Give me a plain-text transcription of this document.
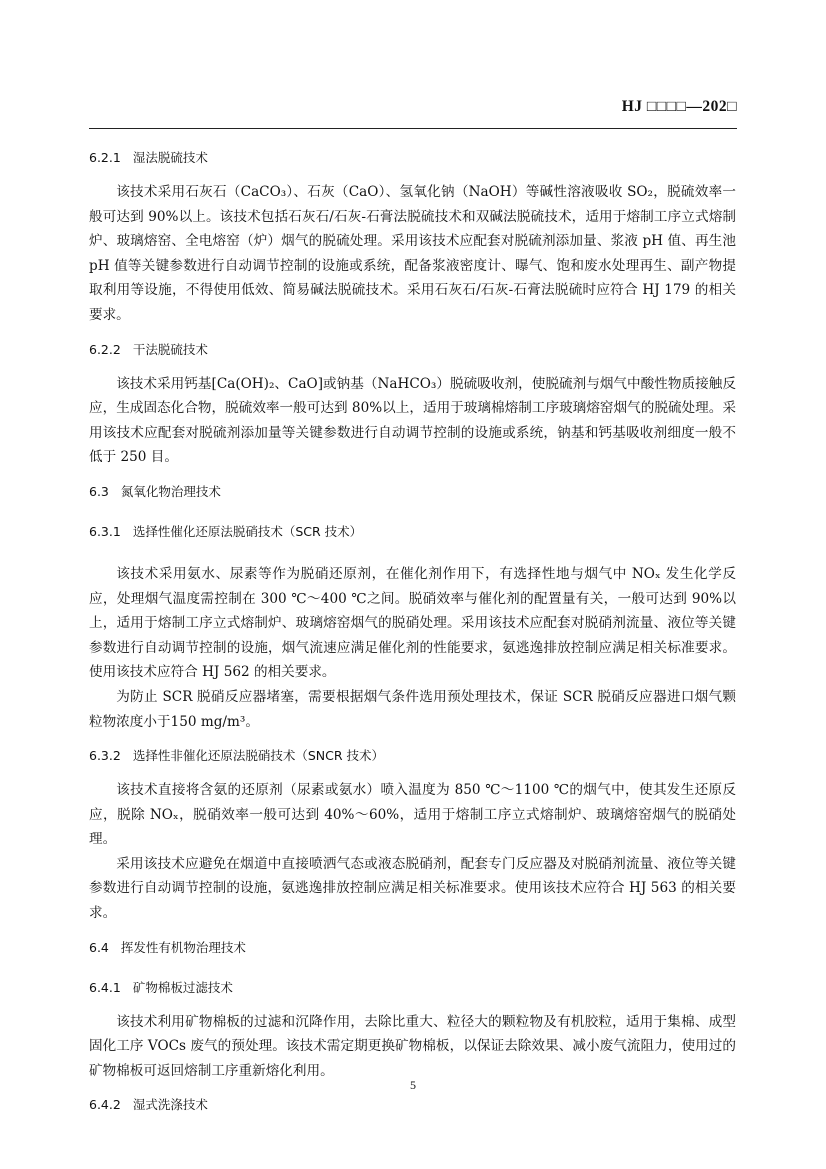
HJ □□□□—202□
6.2.1 湿法脱硫技术

该技术采用石灰石（CaCO₃）、石灰（CaO）、氢氧化钠（NaOH）等碱性溶液吸收 SO₂，脱硫效率一般可达到 90%以上。该技术包括石灰石/石灰-石膏法脱硫技术和双碱法脱硫技术，适用于熔制工序立式熔制炉、玻璃熔窑、全电熔窑（炉）烟气的脱硫处理。采用该技术应配套对脱硫剂添加量、浆液 pH 值、再生池 pH 值等关键参数进行自动调节控制的设施或系统，配备浆液密度计、曝气、饱和废水处理再生、副产物提取利用等设施，不得使用低效、简易碱法脱硫技术。采用石灰石/石灰-石膏法脱硫时应符合 HJ 179 的相关要求。

6.2.2 干法脱硫技术

该技术采用钙基[Ca(OH)₂、CaO]或钠基（NaHCO₃）脱硫吸收剂，使脱硫剂与烟气中酸性物质接触反应，生成固态化合物，脱硫效率一般可达到 80%以上，适用于玻璃棉熔制工序玻璃熔窑烟气的脱硫处理。采用该技术应配套对脱硫剂添加量等关键参数进行自动调节控制的设施或系统，钠基和钙基吸收剂细度一般不低于 250 目。

6.3 氮氧化物治理技术
6.3.1 选择性催化还原法脱硝技术（SCR 技术）

该技术采用氨水、尿素等作为脱硝还原剂，在催化剂作用下，有选择性地与烟气中 NOₓ 发生化学反应，处理烟气温度需控制在 300 ℃～400 ℃之间。脱硝效率与催化剂的配置量有关，一般可达到 90%以上，适用于熔制工序立式熔制炉、玻璃熔窑烟气的脱硝处理。采用该技术应配套对脱硝剂流量、液位等关键参数进行自动调节控制的设施，烟气流速应满足催化剂的性能要求，氨逃逸排放控制应满足相关标准要求。使用该技术应符合 HJ 562 的相关要求。

为防止 SCR 脱硝反应器堵塞，需要根据烟气条件选用预处理技术，保证 SCR 脱硝反应器进口烟气颗粒物浓度小于150 mg/m³。

6.3.2 选择性非催化还原法脱硝技术（SNCR 技术）

该技术直接将含氨的还原剂（尿素或氨水）喷入温度为 850 ℃～1100 ℃的烟气中，使其发生还原反应，脱除 NOₓ，脱硝效率一般可达到 40%～60%，适用于熔制工序立式熔制炉、玻璃熔窑烟气的脱硝处理。

采用该技术应避免在烟道中直接喷洒气态或液态脱硝剂，配套专门反应器及对脱硝剂流量、液位等关键参数进行自动调节控制的设施，氨逃逸排放控制应满足相关标准要求。使用该技术应符合 HJ 563 的相关要求。

6.4 挥发性有机物治理技术
6.4.1 矿物棉板过滤技术

该技术利用矿物棉板的过滤和沉降作用，去除比重大、粒径大的颗粒物及有机胶粒，适用于集棉、成型固化工序 VOCs 废气的预处理。该技术需定期更换矿物棉板，以保证去除效果、减小废气流阻力，使用过的矿物棉板可返回熔制工序重新熔化利用。

6.4.2 湿式洗涤技术
5
